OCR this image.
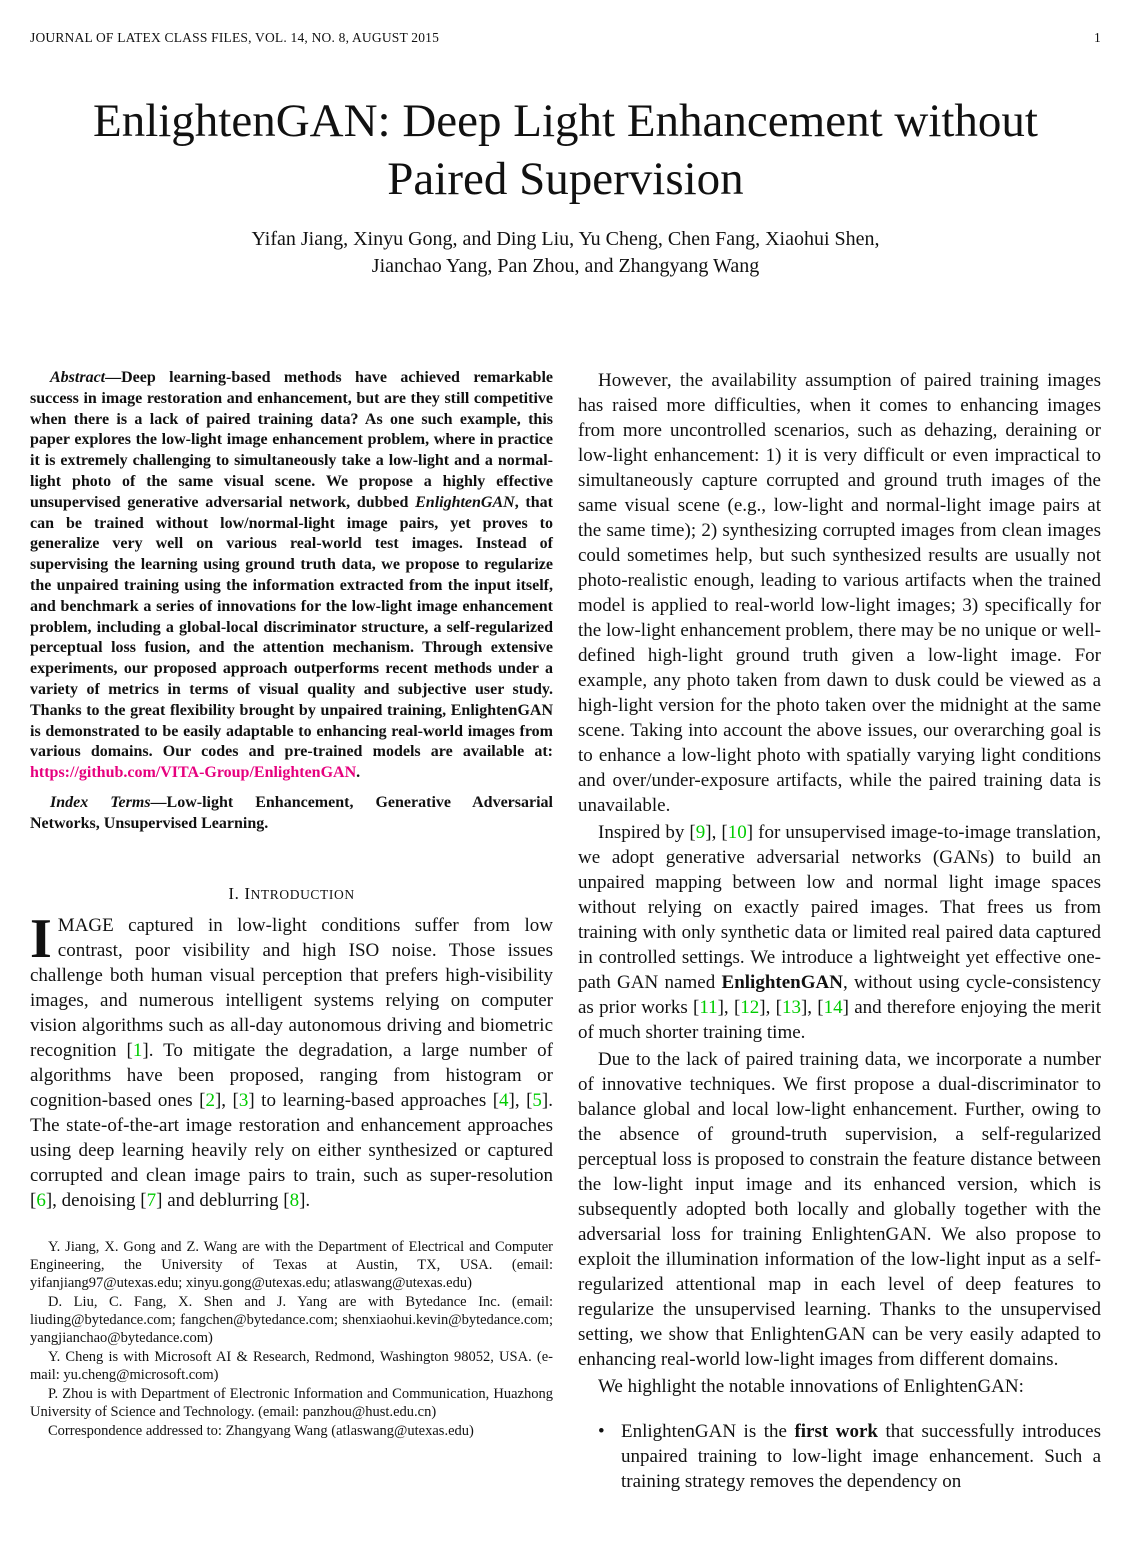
JOURNAL OF LATEX CLASS FILES, VOL. 14, NO. 8, AUGUST 2015	1
EnlightenGAN: Deep Light Enhancement without
Paired Supervision
Yifan Jiang, Xinyu Gong, and Ding Liu, Yu Cheng, Chen Fang, Xiaohui Shen,
Jianchao Yang, Pan Zhou, and Zhangyang Wang

Abstract—Deep learning-based methods have achieved remarkable success in image restoration and enhancement, but are they still competitive when there is a lack of paired training data? As one such example, this paper explores the low-light image enhancement problem, where in practice it is extremely challenging to simultaneously take a low-light and a normal-light photo of the same visual scene. We propose a highly effective unsupervised generative adversarial network, dubbed EnlightenGAN, that can be trained without low/normal-light image pairs, yet proves to generalize very well on various real-world test images. Instead of supervising the learning using ground truth data, we propose to regularize the unpaired training using the information extracted from the input itself, and benchmark a series of innovations for the low-light image enhancement problem, including a global-local discriminator structure, a self-regularized perceptual loss fusion, and the attention mechanism. Through extensive experiments, our proposed approach outperforms recent methods under a variety of metrics in terms of visual quality and subjective user study. Thanks to the great flexibility brought by unpaired training, EnlightenGAN is demonstrated to be easily adaptable to enhancing real-world images from various domains. Our codes and pre-trained models are available at: https://github.com/VITA-Group/EnlightenGAN.

Index Terms—Low-light Enhancement, Generative Adversarial Networks, Unsupervised Learning.

I. INTRODUCTION

IMAGE captured in low-light conditions suffer from low contrast, poor visibility and high ISO noise. Those issues challenge both human visual perception that prefers high-visibility images, and numerous intelligent systems relying on computer vision algorithms such as all-day autonomous driving and biometric recognition [1]. To mitigate the degradation, a large number of algorithms have been proposed, ranging from histogram or cognition-based ones [2], [3] to learning-based approaches [4], [5]. The state-of-the-art image restoration and enhancement approaches using deep learning heavily rely on either synthesized or captured corrupted and clean image pairs to train, such as super-resolution [6], denoising [7] and deblurring [8].

Y. Jiang, X. Gong and Z. Wang are with the Department of Electrical and Computer Engineering, the University of Texas at Austin, TX, USA. (email: yifanjiang97@utexas.edu; xinyu.gong@utexas.edu; atlaswang@utexas.edu)

D. Liu, C. Fang, X. Shen and J. Yang are with Bytedance Inc. (email: liuding@bytedance.com; fangchen@bytedance.com; shenxiaohui.kevin@bytedance.com; yangjianchao@bytedance.com)

Y. Cheng is with Microsoft AI & Research, Redmond, Washington 98052, USA. (e-mail: yu.cheng@microsoft.com)

P. Zhou is with Department of Electronic Information and Communication, Huazhong University of Science and Technology. (email: panzhou@hust.edu.cn)

Correspondence addressed to: Zhangyang Wang (atlaswang@utexas.edu)

However, the availability assumption of paired training images has raised more difficulties, when it comes to enhancing images from more uncontrolled scenarios, such as dehazing, deraining or low-light enhancement: 1) it is very difficult or even impractical to simultaneously capture corrupted and ground truth images of the same visual scene (e.g., low-light and normal-light image pairs at the same time); 2) synthesizing corrupted images from clean images could sometimes help, but such synthesized results are usually not photo-realistic enough, leading to various artifacts when the trained model is applied to real-world low-light images; 3) specifically for the low-light enhancement problem, there may be no unique or well-defined high-light ground truth given a low-light image. For example, any photo taken from dawn to dusk could be viewed as a high-light version for the photo taken over the midnight at the same scene. Taking into account the above issues, our overarching goal is to enhance a low-light photo with spatially varying light conditions and over/under-exposure artifacts, while the paired training data is unavailable.

Inspired by [9], [10] for unsupervised image-to-image translation, we adopt generative adversarial networks (GANs) to build an unpaired mapping between low and normal light image spaces without relying on exactly paired images. That frees us from training with only synthetic data or limited real paired data captured in controlled settings. We introduce a lightweight yet effective one-path GAN named EnlightenGAN, without using cycle-consistency as prior works [11], [12], [13], [14] and therefore enjoying the merit of much shorter training time.

Due to the lack of paired training data, we incorporate a number of innovative techniques. We first propose a dual-discriminator to balance global and local low-light enhancement. Further, owing to the absence of ground-truth supervision, a self-regularized perceptual loss is proposed to constrain the feature distance between the low-light input image and its enhanced version, which is subsequently adopted both locally and globally together with the adversarial loss for training EnlightenGAN. We also propose to exploit the illumination information of the low-light input as a self-regularized attentional map in each level of deep features to regularize the unsupervised learning. Thanks to the unsupervised setting, we show that EnlightenGAN can be very easily adapted to enhancing real-world low-light images from different domains.

We highlight the notable innovations of EnlightenGAN:

• EnlightenGAN is the first work that successfully introduces unpaired training to low-light image enhancement. Such a training strategy removes the dependency on
